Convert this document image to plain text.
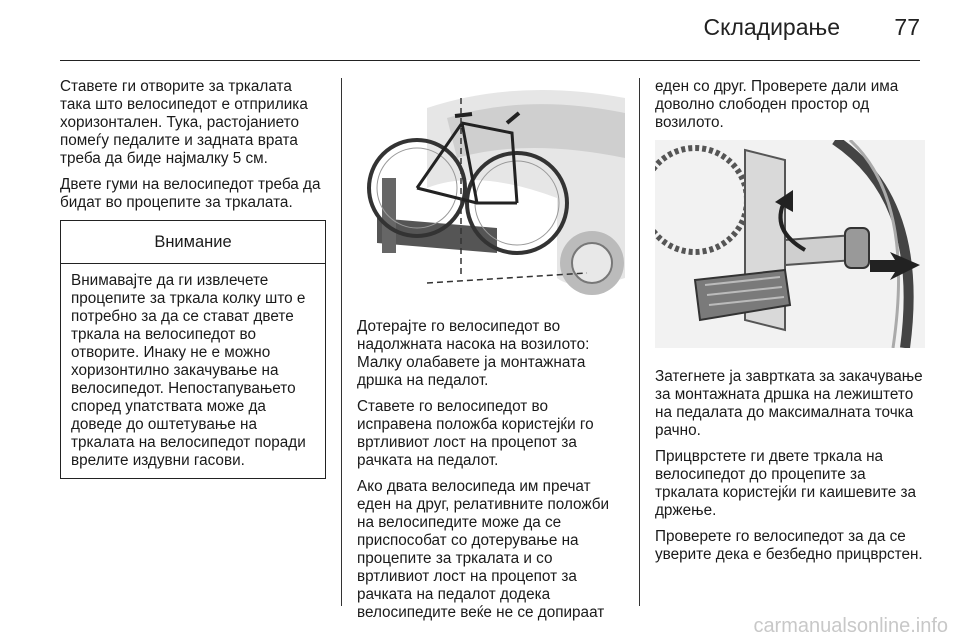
Складирање 77

Ставете ги отворите за тркалата така што велосипедот е отприлика хоризонтален. Тука, растојанието помеѓу педалите и задната врата треба да биде најмалку 5 см.

Двете гуми на велосипедот треба да бидат во процепите за тркалата.

Внимание
Внимавајте да ги извлечете процепите за тркала колку што е потребно за да се стават двете тркала на велосипедот во отворите. Инаку не е можно хоризонтилно закачување на велосипедот. Непостапувањето според упатствата може да доведе до оштетување на тркалата на велосипедот поради врелите издувни гасови.

Дотерајте го велосипедот во надолжната насока на возилото: Малку олабавете ја монтажната дршка на педалот.

Ставете го велосипедот во исправена положба користејќи го вртливиот лост на процепот за рачката на педалот.

Ако двата велосипеда им пречат еден на друг, релативните положби на велосипедите може да се приспособат со дотерување на процепите за тркалата и со вртливиот лост на процепот за рачката на педалот додека велосипедите веќе не се допираат

еден со друг. Проверете дали има доволно слободен простор од возилото.

Затегнете ја завртката за закачување за монтажната дршка на лежиштето на педалата до максималната точка рачно.

Прицврстете ги двете тркала на велосипедот до процепите за тркалата користејќи ги каишевите за држење.

Проверете го велосипедот за да се уверите дека е безбедно прицврстен.

carmanualsonline.info
